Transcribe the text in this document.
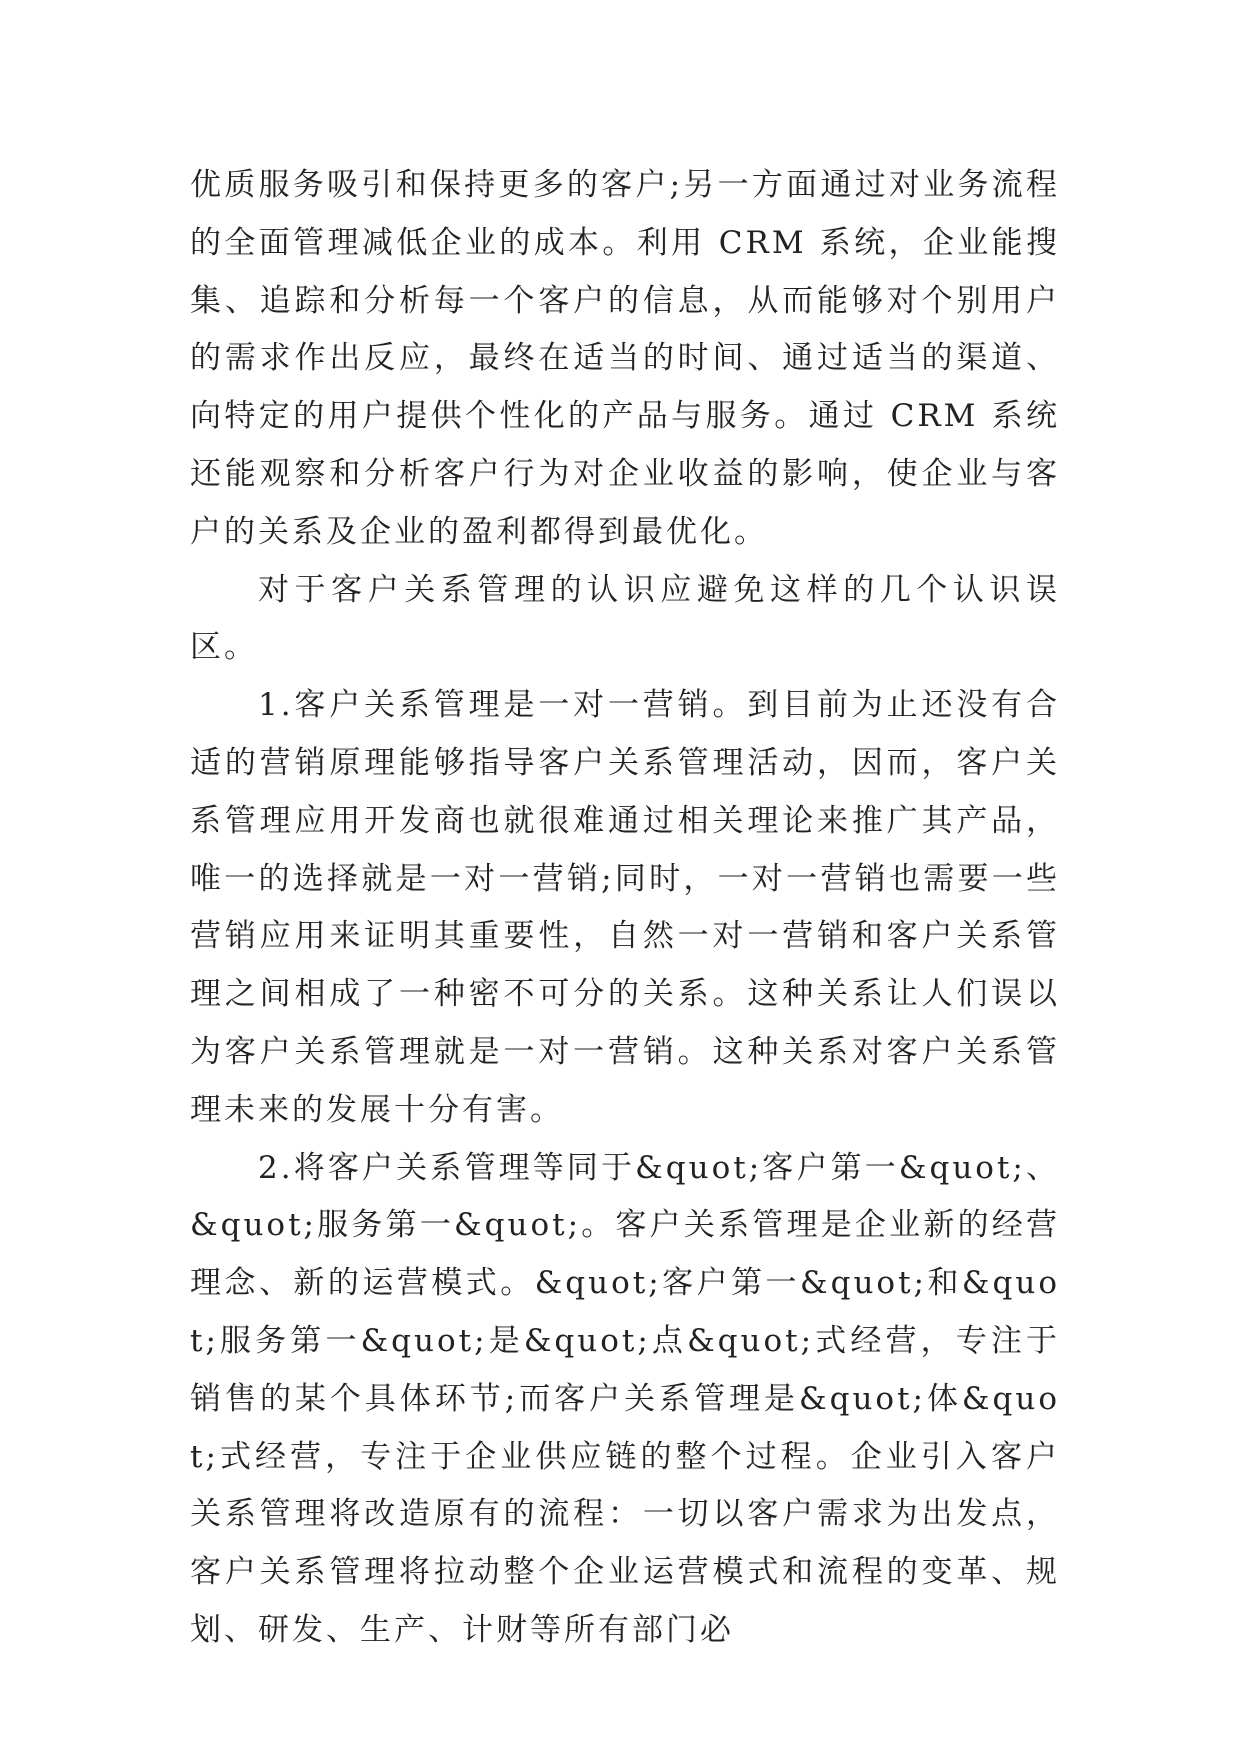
优质服务吸引和保持更多的客户;另一方面通过对业务流程的全面管理减低企业的成本。利用 CRM 系统，企业能搜集、追踪和分析每一个客户的信息，从而能够对个别用户的需求作出反应，最终在适当的时间、通过适当的渠道、向特定的用户提供个性化的产品与服务。通过 CRM 系统还能观察和分析客户行为对企业收益的影响，使企业与客户的关系及企业的盈利都得到最优化。

对于客户关系管理的认识应避免这样的几个认识误区。

1.客户关系管理是一对一营销。到目前为止还没有合适的营销原理能够指导客户关系管理活动，因而，客户关系管理应用开发商也就很难通过相关理论来推广其产品，唯一的选择就是一对一营销;同时，一对一营销也需要一些营销应用来证明其重要性，自然一对一营销和客户关系管理之间相成了一种密不可分的关系。这种关系让人们误以为客户关系管理就是一对一营销。这种关系对客户关系管理未来的发展十分有害。

2.将客户关系管理等同于&quot;客户第一&quot;、&quot;服务第一&quot;。客户关系管理是企业新的经营理念、新的运营模式。&quot;客户第一&quot;和&quot;服务第一&quot;是&quot;点&quot;式经营，专注于销售的某个具体环节;而客户关系管理是&quot;体&quot;式经营，专注于企业供应链的整个过程。企业引入客户关系管理将改造原有的流程：一切以客户需求为出发点，客户关系管理将拉动整个企业运营模式和流程的变革、规划、研发、生产、计财等所有部门必
